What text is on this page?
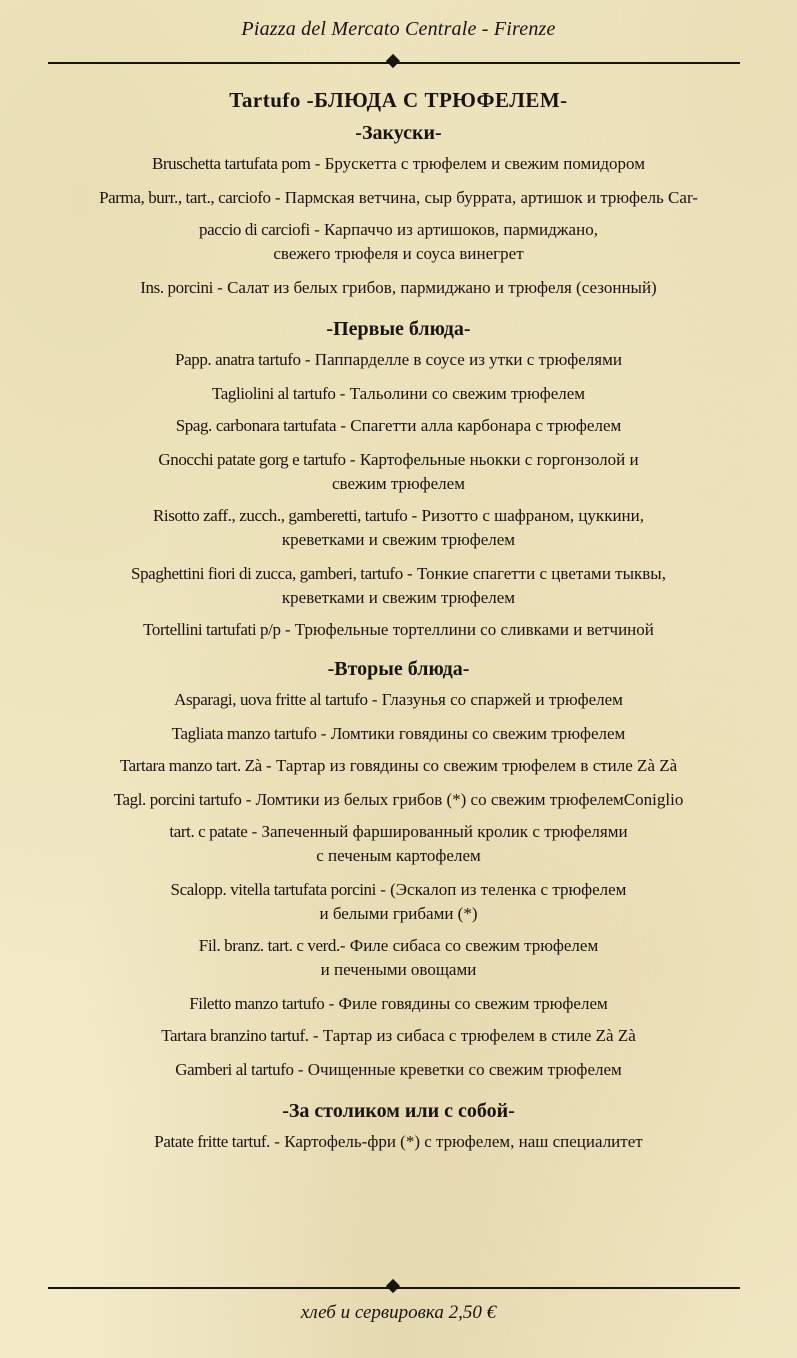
Piazza del Mercato Centrale - Firenze
Tartufo -БЛЮДА С ТРЮФЕЛЕМ-
-Закуски-
Bruschetta tartufata pom - Брускетта с трюфелем и свежим помидором
Parma, burr., tart., carciofo - Пармская ветчина, сыр буррата, артишок и трюфель Car-
paccio di carciofi - Карпаччо из артишоков, пармиджано,
свежего трюфеля и соуса винегрет
Ins. porcini - Салат из белых грибов, пармиджано и трюфеля (сезонный)
-Первые блюда-
Papp. anatra tartufo - Паппарделле в соусе из утки с трюфелями
Tagliolini al tartufo - Тальолини со свежим трюфелем
Spag. carbonara tartufata - Спагетти алла карбонара с трюфелем
Gnocchi patate gorg e tartufo - Картофельные ньокки с горгонзолой и
свежим трюфелем
Risotto zaff., zucch., gamberetti, tartufo - Ризотто с шафраном, цуккини,
креветками и свежим трюфелем
Spaghettini fiori di zucca, gamberi, tartufo - Тонкие спагетти с цветами тыквы,
креветками и свежим трюфелем
Tortellini tartufati p/p - Трюфельные тортеллини со сливками и ветчиной
-Вторые блюда-
Asparagi, uova fritte al tartufo - Глазунья со спаржей и трюфелем
Tagliata manzo tartufo - Ломтики говядины со свежим трюфелем
Tartara manzo tart. Zà - Тартар из говядины со свежим трюфелем в стиле Zà Zà
Tagl. porcini tartufo - Ломтики из белых грибов (*) со свежим трюфелемConiglio
tart. c patate - Запеченный фаршированный кролик с трюфелями
с печеным картофелем
Scalopp. vitella tartufata porcini - (Эскалоп из теленка с трюфелем
и белыми грибами (*)
Fil. branz. tart. c verd.- Филе сибаса со свежим трюфелем
и печеными овощами
Filetto manzo tartufo - Филе говядины со свежим трюфелем
Tartara branzino tartuf. - Тартар из сибаса с трюфелем в стиле Zà Zà
Gamberi al tartufo - Очищенные креветки со свежим трюфелем
-За столиком или с собой-
Patate fritte tartuf. - Картофель-фри (*) с трюфелем, наш специалитет
хлеб и сервировка 2,50 €
